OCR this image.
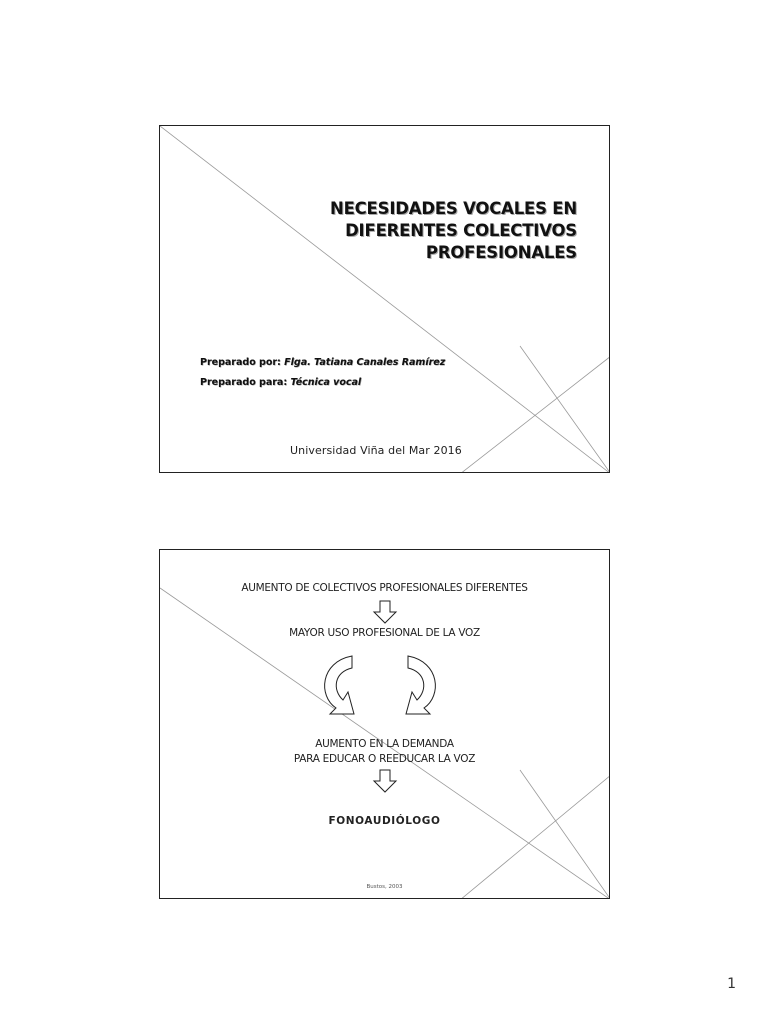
NECESIDADES VOCALES EN
DIFERENTES COLECTIVOS
PROFESIONALES
Preparado por: Flga. Tatiana Canales Ramírez
Preparado para: Técnica vocal
Universidad Viña del Mar 2016
AUMENTO DE COLECTIVOS PROFESIONALES DIFERENTES
MAYOR USO PROFESIONAL DE LA VOZ
AUMENTO EN LA DEMANDA
PARA EDUCAR O REEDUCAR LA VOZ
FONOAUDIÓLOGO
Bustos, 2003
1
